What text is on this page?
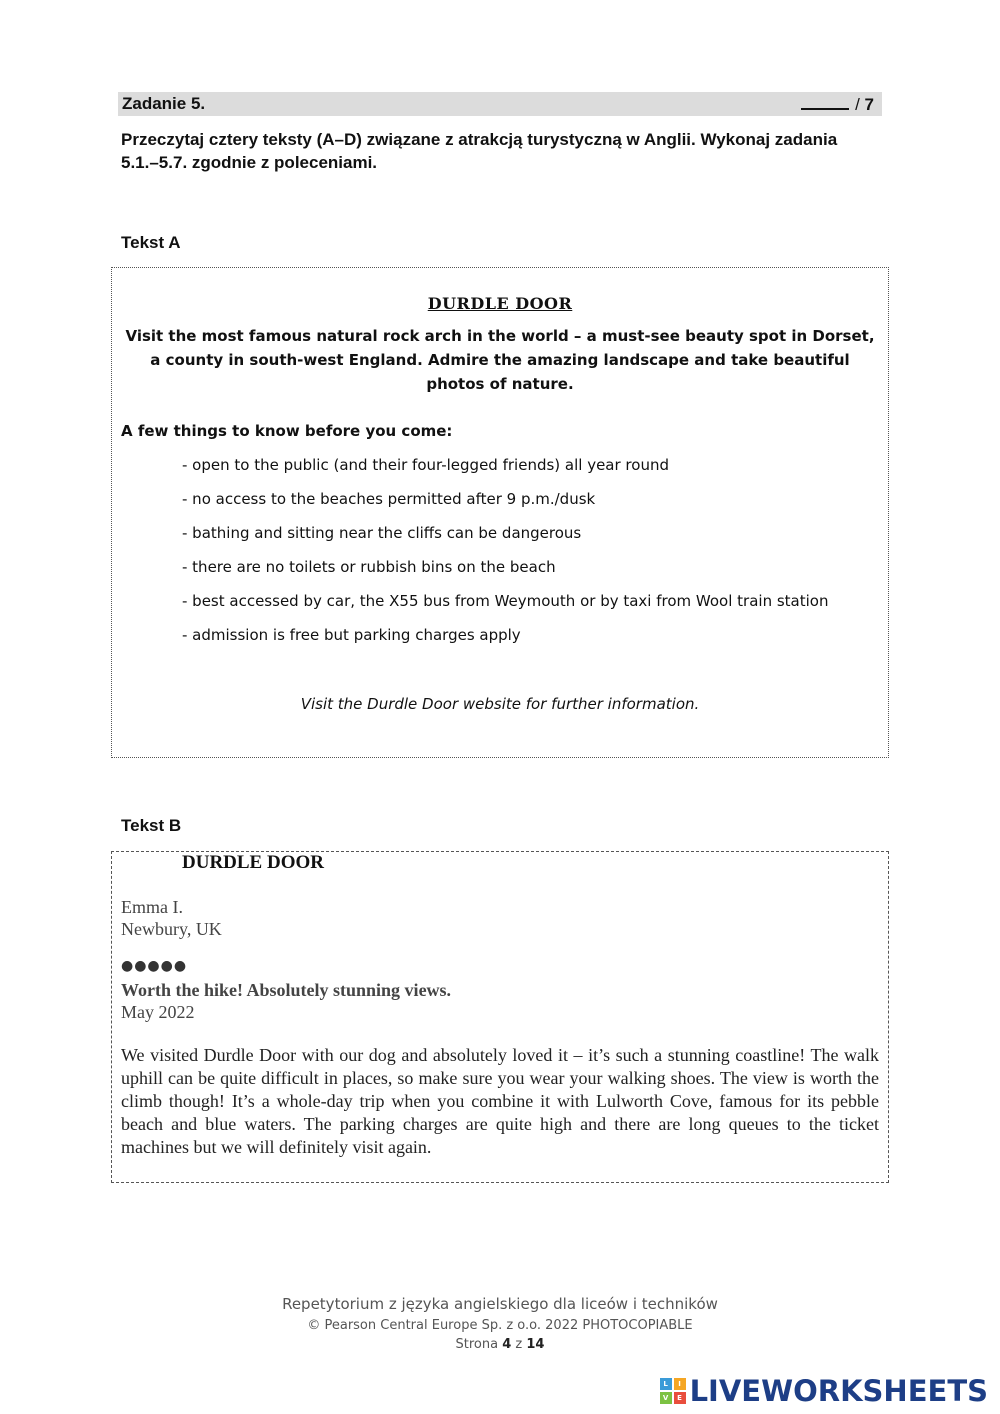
Zadanie 5.	/ 7
Przeczytaj cztery teksty (A–D) związane z atrakcją turystyczną w Anglii. Wykonaj zadania 5.1.–5.7. zgodnie z poleceniami.
Tekst A
DURDLE DOOR
Visit the most famous natural rock arch in the world – a must-see beauty spot in Dorset, a county in south-west England. Admire the amazing landscape and take beautiful photos of nature.
A few things to know before you come:
- open to the public (and their four-legged friends) all year round
- no access to the beaches permitted after 9 p.m./dusk
- bathing and sitting near the cliffs can be dangerous
- there are no toilets or rubbish bins on the beach
- best accessed by car, the X55 bus from Weymouth or by taxi from Wool train station
- admission is free but parking charges apply
Visit the Durdle Door website for further information.
Tekst B
DURDLE DOOR
Emma I.
Newbury, UK
●●●●●
Worth the hike! Absolutely stunning views.
May 2022

We visited Durdle Door with our dog and absolutely loved it – it’s such a stunning coastline! The walk uphill can be quite difficult in places, so make sure you wear your walking shoes. The view is worth the climb though! It’s a whole-day trip when you combine it with Lulworth Cove, famous for its pebble beach and blue waters. The parking charges are quite high and there are long queues to the ticket machines but we will definitely visit again.

Repetytorium z języka angielskiego dla liceów i techników
© Pearson Central Europe Sp. z o.o. 2022 PHOTOCOPIABLE
Strona 4 z 14
L	I
V	E LIVEWORKSHEETS
